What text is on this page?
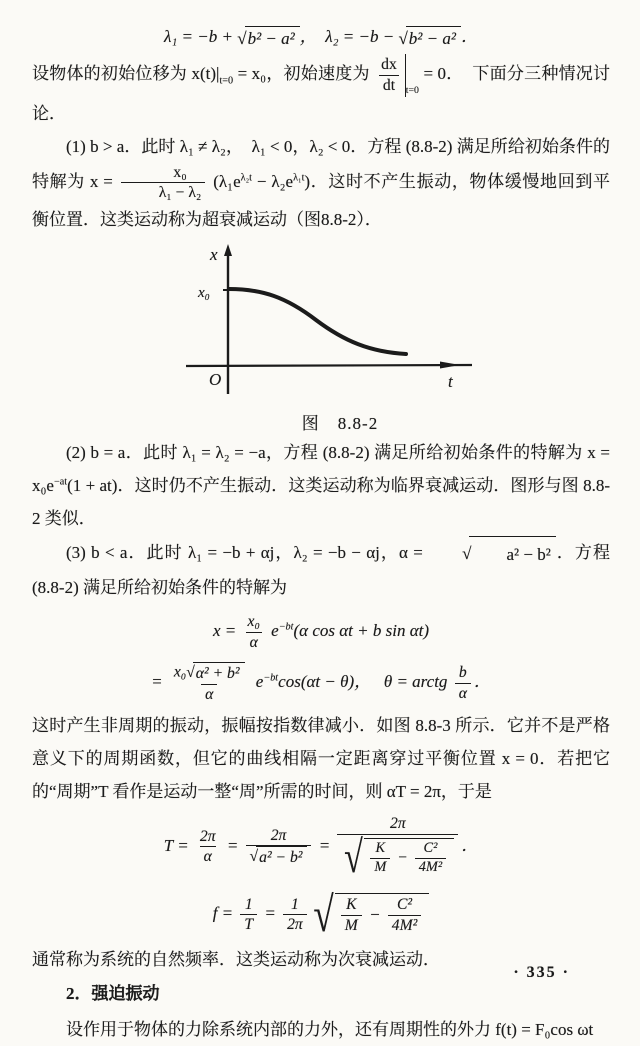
λ₁ = −b + √ b² − a² ，  λ₂ = −b − √ b² − a² ．

设物体的初始位移为 $x(t)|_{t=0} = x_0$，初始速度为 $\frac{dx}{dt} _{t=0} = 0$．  下面分三种情况讨论．

(1) b > a．此时 λ₁ ≠ λ₂，  λ₁ < 0，λ₂ < 0．方程 (8.8-2) 满足所给初始条件的特解为 $x = \frac{\text{x₀}}{\text{λ₁ − λ₂}} (\lambda_1e^{\lambda_2t} - \lambda_2e^{\lambda_1t})$．这时不产生振动，物体缓慢地回到平衡位置．这类运动称为超衰减运动（图8.8-2）．

x
x₀
O	t
图　8.8-2

(2) b = a．此时 λ₁ = λ₂ = −a，方程 (8.8-2) 满足所给初始条件的特解为 $x = x_0e^{-at}(1 + at)$．这时仍不产生振动．这类运动称为临界衰减运动．图形与图 8.8-2 类似．

(3) b < a．此时 λ₁ = −b + αj，λ₂ = −b − αj，α =	√	a² − b² ．方程 (8.8-2) 满足所给初始条件的特解为

$x = \frac{\text{x₀}}{\alpha} e^{-bt}(\alpha$ cos αt + b sin αt)
= $\frac{\text{x₀ √ α² + b²}}{\alpha} e^{-bt}\cos(\alpha t - \theta)$，   θ = arctg $\frac{b}{\alpha}$ ．

这时产生非周期的振动，振幅按指数律减小．如图 8.8-3 所示．它并不是严格意义下的周期函数，但它的曲线相隔一定距离穿过平衡位置 x = 0．若把它的“周期”T 看作是运动一整“周”所需的时间，则 αT = 2π，于是

$T = \frac{2\pi}{\alpha} = \frac{2\pi}{\text{√ a² − b²}} = \frac{2\pi}{√ \frac{K}{M} - \frac{\text{C²}}{\text{4M²}}}$ ．
$f = \frac{1}{T} = \frac{1}{2\pi}$ √ $\frac{K}{M} - \frac{\text{C²}}{\text{4M²}}$

通常称为系统的自然频率．这类运动称为次衰减运动．

2．强迫振动

设作用于物体的力除系统内部的力外，还有周期性的外力 f(t) = F₀cos ωt

· 335 ·
